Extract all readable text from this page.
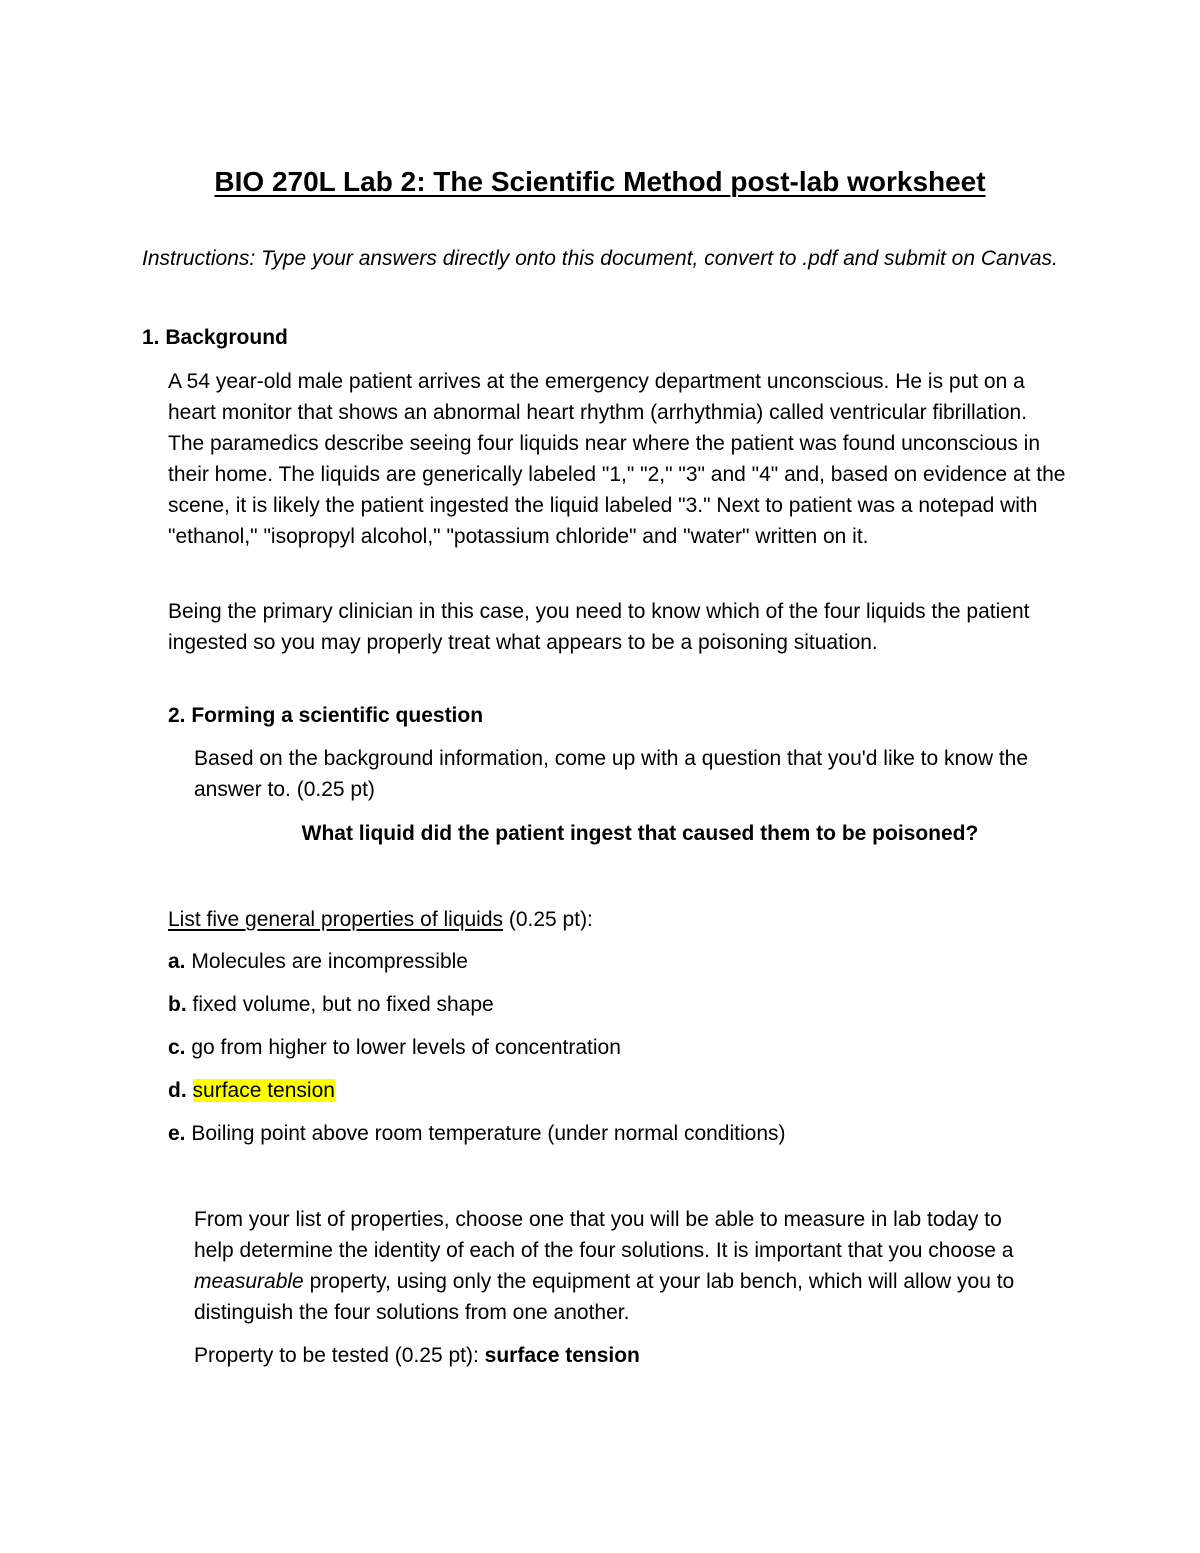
BIO 270L Lab 2: The Scientific Method post-lab worksheet
Instructions: Type your answers directly onto this document, convert to .pdf and submit on Canvas.
1. Background
A 54 year-old male patient arrives at the emergency department unconscious. He is put on a heart monitor that shows an abnormal heart rhythm (arrhythmia) called ventricular fibrillation. The paramedics describe seeing four liquids near where the patient was found unconscious in their home. The liquids are generically labeled "1," "2," "3" and "4" and, based on evidence at the scene, it is likely the patient ingested the liquid labeled "3." Next to patient was a notepad with "ethanol," "isopropyl alcohol," "potassium chloride" and "water" written on it.
Being the primary clinician in this case, you need to know which of the four liquids the patient ingested so you may properly treat what appears to be a poisoning situation.
2. Forming a scientific question
Based on the background information, come up with a question that you'd like to know the answer to. (0.25 pt)
What liquid did the patient ingest that caused them to be poisoned?
List five general properties of liquids (0.25 pt):
a. Molecules are incompressible
b. fixed volume, but no fixed shape
c. go from higher to lower levels of concentration
d. surface tension
e. Boiling point above room temperature (under normal conditions)
From your list of properties, choose one that you will be able to measure in lab today to help determine the identity of each of the four solutions. It is important that you choose a measurable property, using only the equipment at your lab bench, which will allow you to distinguish the four solutions from one another.
Property to be tested (0.25 pt): surface tension
